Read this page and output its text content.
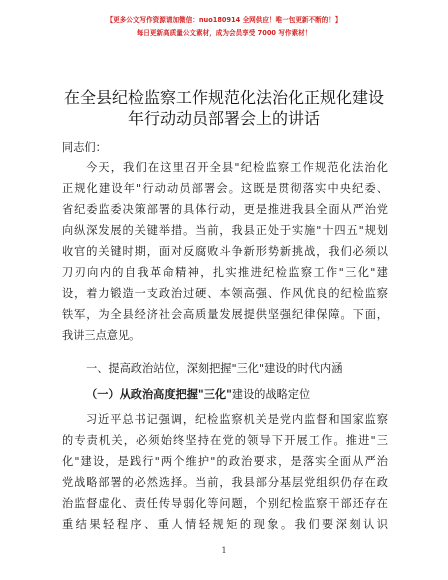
【更多公文写作资源请加微信：nuo180914 全网供应！唯一包更新不断的！】
每日更新高质量公文素材，成为会员享受 7000 写作素材！
在全县纪检监察工作规范化法治化正规化建设
年行动动员部署会上的讲话
同志们：
今天，我们在这里召开全县"纪检监察工作规范化法治化
正规化建设年"行动动员部署会。这既是贯彻落实中央纪委、
省纪委监委决策部署的具体行动，更是推进我县全面从严治党
向纵深发展的关键举措。当前，我县正处于实施"十四五"规划
收官的关键时期，面对反腐败斗争新形势新挑战，我们必须以
刀刃向内的自我革命精神，扎实推进纪检监察工作"三化"建
设，着力锻造一支政治过硬、本领高强、作风优良的纪检监察
铁军，为全县经济社会高质量发展提供坚强纪律保障。下面，
我讲三点意见。
一、提高政治站位，深刻把握"三化"建设的时代内涵
（一）从政治高度把握"三化"建设的战略定位
习近平总书记强调，纪检监察机关是党内监督和国家监察
的专责机关，必须始终坚持在党的领导下开展工作。推进"三
化"建设，是践行"两个维护"的政治要求，是落实全面从严治
党战略部署的必然选择。当前，我县部分基层党组织仍存在政
治监督虚化、责任传导弱化等问题，个别纪检监察干部还存在
重结果轻程序、重人情轻规矩的现象。我们要深刻认识
1
